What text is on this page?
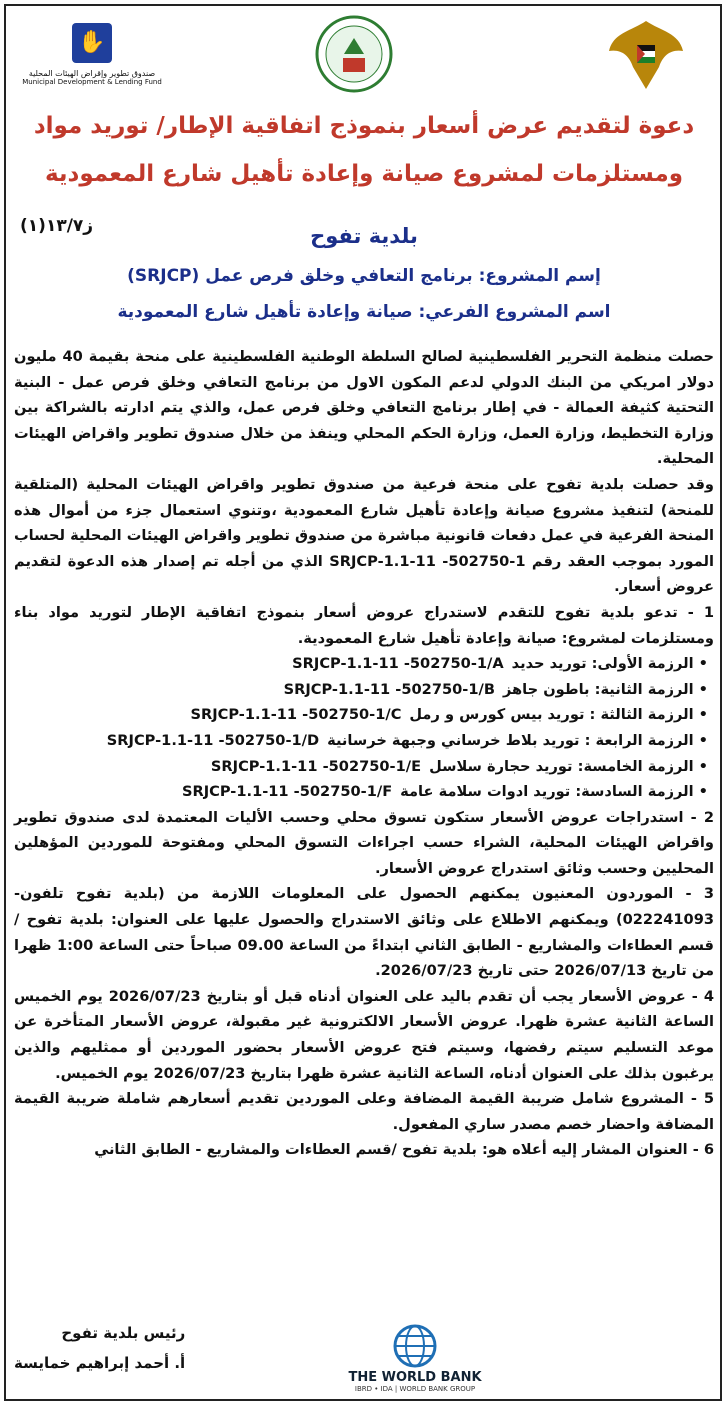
✋
صندوق تطوير وإقراض الهيئات المحلية
Municipal Development & Lending Fund
دعوة لتقديم عرض أسعار بنموذج اتفاقية الإطار/ توريد مواد
ومستلزمات لمشروع صيانة وإعادة تأهيل شارع المعمودية
ز١٣/٧(١)	بلدية تفوح
إسم المشروع: برنامج التعافي وخلق فرص عمل (SRJCP)
اسم المشروع الفرعي: صيانة وإعادة تأهيل شارع المعمودية

حصلت منظمة التحرير الفلسطينية لصالح السلطة الوطنية الفلسطينية على منحة بقيمة 40 مليون دولار امريكي من البنك الدولي لدعم المكون الاول من برنامج التعافي وخلق فرص عمل - البنية التحتية كثيفة العمالة - في إطار برنامج التعافي وخلق فرص عمل، والذي يتم ادارته بالشراكة بين وزارة التخطيط، وزارة العمل، وزارة الحكم المحلي وينفذ من خلال صندوق تطوير واقراض الهيئات المحلية.

وقد حصلت بلدية تفوح على منحة فرعية من صندوق تطوير واقراض الهيئات المحلية (المتلقية للمنحة) لتنفيذ مشروع صيانة وإعادة تأهيل شارع المعمودية ،وتنوي استعمال جزء من أموال هذه المنحة الفرعية في عمل دفعات قانونية مباشرة من صندوق تطوير واقراض الهيئات المحلية لحساب المورد بموجب العقد رقم SRJCP-1.1-11 -502750-1 الذي من أجله تم إصدار هذه الدعوة لتقديم عروض أسعار.

1 - تدعو بلدية تفوح للتقدم لاستدراج عروض أسعار بنموذج اتفاقية الإطار لتوريد مواد بناء ومستلزمات لمشروع: صيانة وإعادة تأهيل شارع المعمودية.

• الرزمة الأولى: توريد حديد
SRJCP-1.1-11 -502750-1/A
• الرزمة الثانية: باطون جاهز
SRJCP-1.1-11 -502750-1/B
• الرزمة الثالثة : توريد بيس كورس و رمل
SRJCP-1.1-11 -502750-1/C
• الرزمة الرابعة : توريد بلاط خرساني وجبهة خرسانية
SRJCP-1.1-11 -502750-1/D
• الرزمة الخامسة: توريد حجارة سلاسل
SRJCP-1.1-11 -502750-1/E
• الرزمة السادسة: توريد ادوات سلامة عامة
SRJCP-1.1-11 -502750-1/F

2 - استدراجات عروض الأسعار ستكون تسوق محلي وحسب الأليات المعتمدة لدى صندوق تطوير واقراض الهيئات المحلية، الشراء حسب اجراءات التسوق المحلي ومفتوحة للموردين المؤهلين المحليين وحسب وثائق استدراج عروض الأسعار.

3 - الموردون المعنيون يمكنهم الحصول على المعلومات اللازمة من (بلدية تفوح تلفون- 022241093) ويمكنهم الاطلاع على وثائق الاستدراج والحصول عليها على العنوان: بلدية تفوح /قسم العطاءات والمشاريع - الطابق الثاني ابتداءً من الساعة 09.00 صباحاً حتى الساعة 1:00 ظهرا من تاريخ 2026/07/13 حتى تاريخ 2026/07/23.

4 - عروض الأسعار يجب أن تقدم باليد على العنوان أدناه قبل أو بتاريخ 2026/07/23 يوم الخميس الساعة الثانية عشرة ظهرا. عروض الأسعار الالكترونية غير مقبولة، عروض الأسعار المتأخرة عن موعد التسليم سيتم رفضها، وسيتم فتح عروض الأسعار بحضور الموردين أو ممثليهم والذين يرغبون بذلك على العنوان أدناه، الساعة الثانية عشرة ظهرا بتاريخ 2026/07/23 يوم الخميس.

5 - المشروع شامل ضريبة القيمة المضافة وعلى الموردين تقديم أسعارهم شاملة ضريبة القيمة المضافة واحضار خصم مصدر ساري المفعول.

6 - العنوان المشار إليه أعلاه هو: بلدية تفوح /قسم العطاءات والمشاريع - الطابق الثاني

THE WORLD BANK
IBRD • IDA | WORLD BANK GROUP
رئيس بلدية تفوح
أ. أحمد إبراهيم خمايسة
